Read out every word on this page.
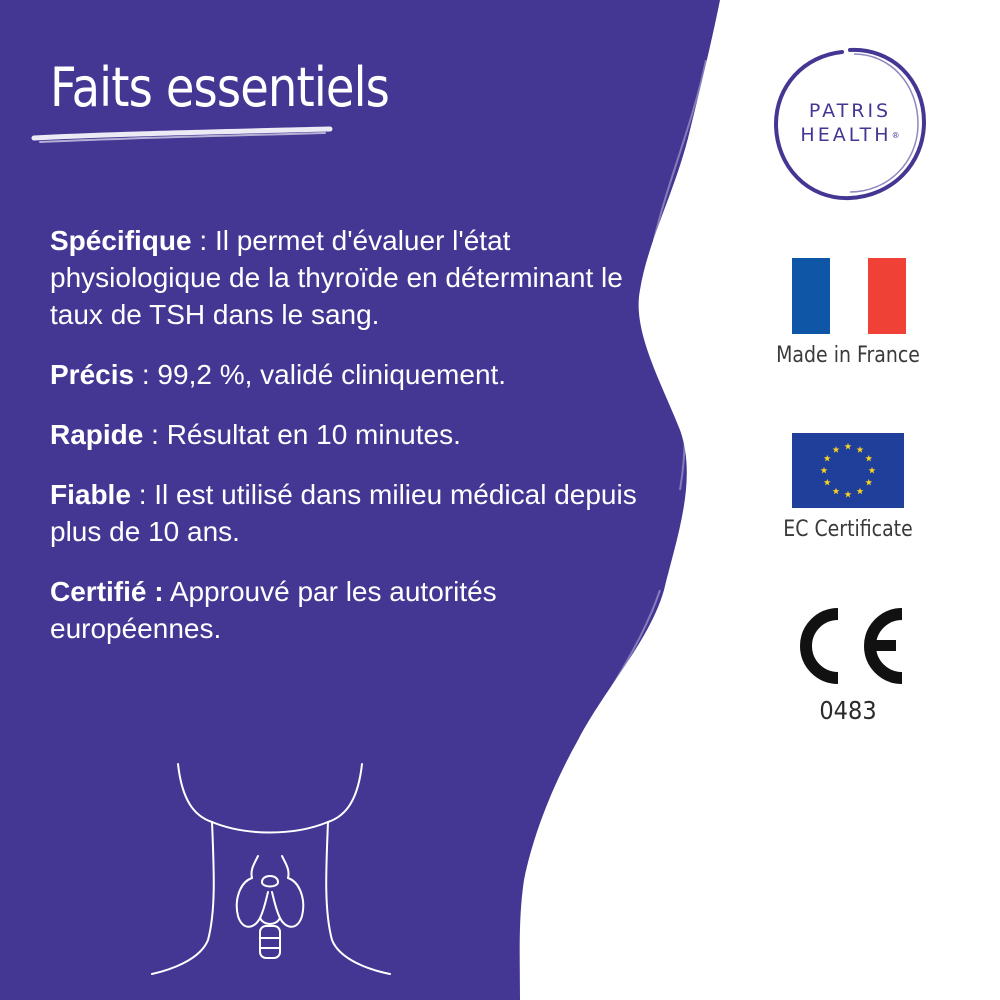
Faits essentiels

Spécifique : Il permet d'évaluer l'état physiologique de la thyroïde en déterminant le taux de TSH dans le sang.

Précis : 99,2 %, validé cliniquement.

Rapide : Résultat en 10 minutes.

Fiable : Il est utilisé dans milieu médical depuis plus de 10 ans.

Certifié : Approuvé par les autorités européennes.

PATRIS
HEALTH®
Made in France
EC Certificate
0483
